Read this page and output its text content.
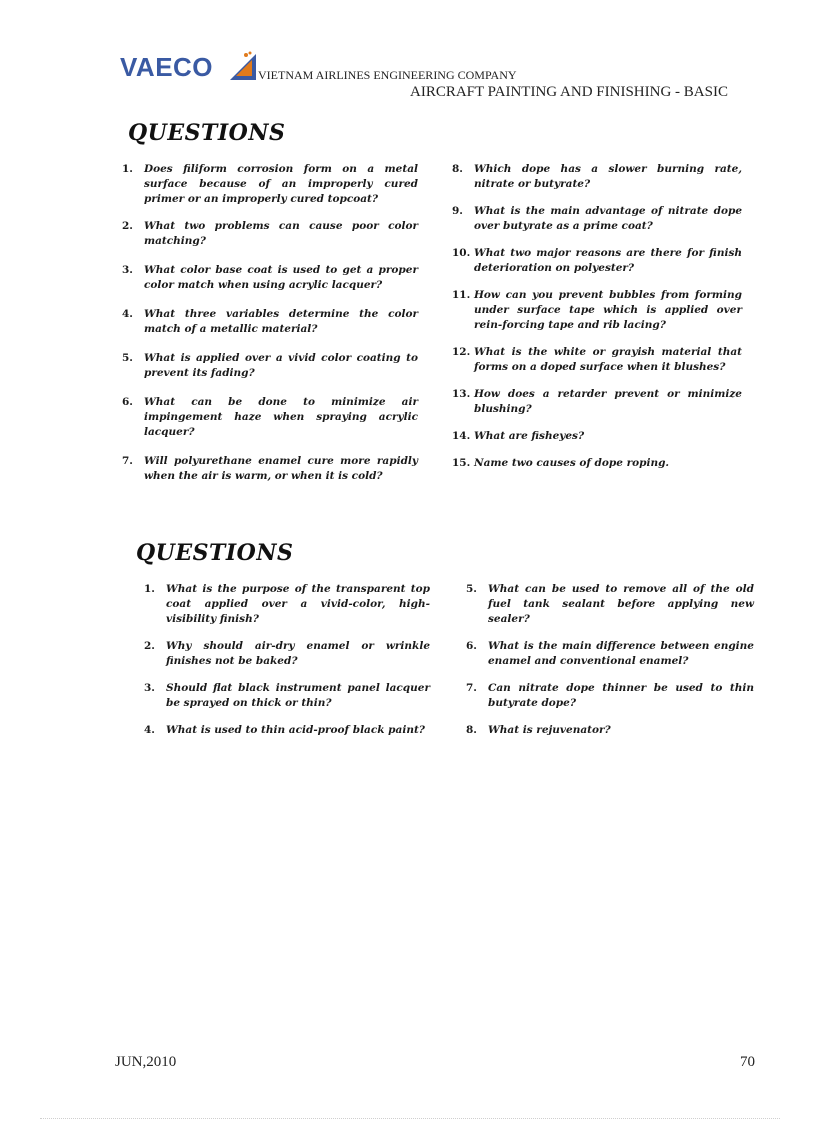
VAECO	VIETNAM AIRLINES ENGINEERING COMPANY
AIRCRAFT PAINTING AND FINISHING - BASIC
QUESTIONS
1. Does filiform corrosion form on a metal surface because of an improperly cured primer or an improperly cured topcoat?
2. What two problems can cause poor color matching?
3. What color base coat is used to get a proper color match when using acrylic lacquer?
4. What three variables determine the color match of a metallic material?
5. What is applied over a vivid color coating to prevent its fading?
6. What can be done to minimize air impingement haze when spraying acrylic lacquer?
7. Will polyurethane enamel cure more rapidly when the air is warm, or when it is cold?
8. Which dope has a slower burning rate, nitrate or butyrate?
9. What is the main advantage of nitrate dope over butyrate as a prime coat?
10. What two major reasons are there for finish deterioration on polyester?
11. How can you prevent bubbles from forming under surface tape which is applied over rein-forcing tape and rib lacing?
12. What is the white or grayish material that forms on a doped surface when it blushes?
13. How does a retarder prevent or minimize blushing?
14. What are fisheyes?
15. Name two causes of dope roping.
QUESTIONS
1. What is the purpose of the transparent top coat applied over a vivid-color, high-visibility finish?
2. Why should air-dry enamel or wrinkle finishes not be baked?
3. Should flat black instrument panel lacquer be sprayed on thick or thin?
4. What is used to thin acid-proof black paint?
5. What can be used to remove all of the old fuel tank sealant before applying new sealer?
6. What is the main difference between engine enamel and conventional enamel?
7. Can nitrate dope thinner be used to thin butyrate dope?
8. What is rejuvenator?
JUN,2010	70
